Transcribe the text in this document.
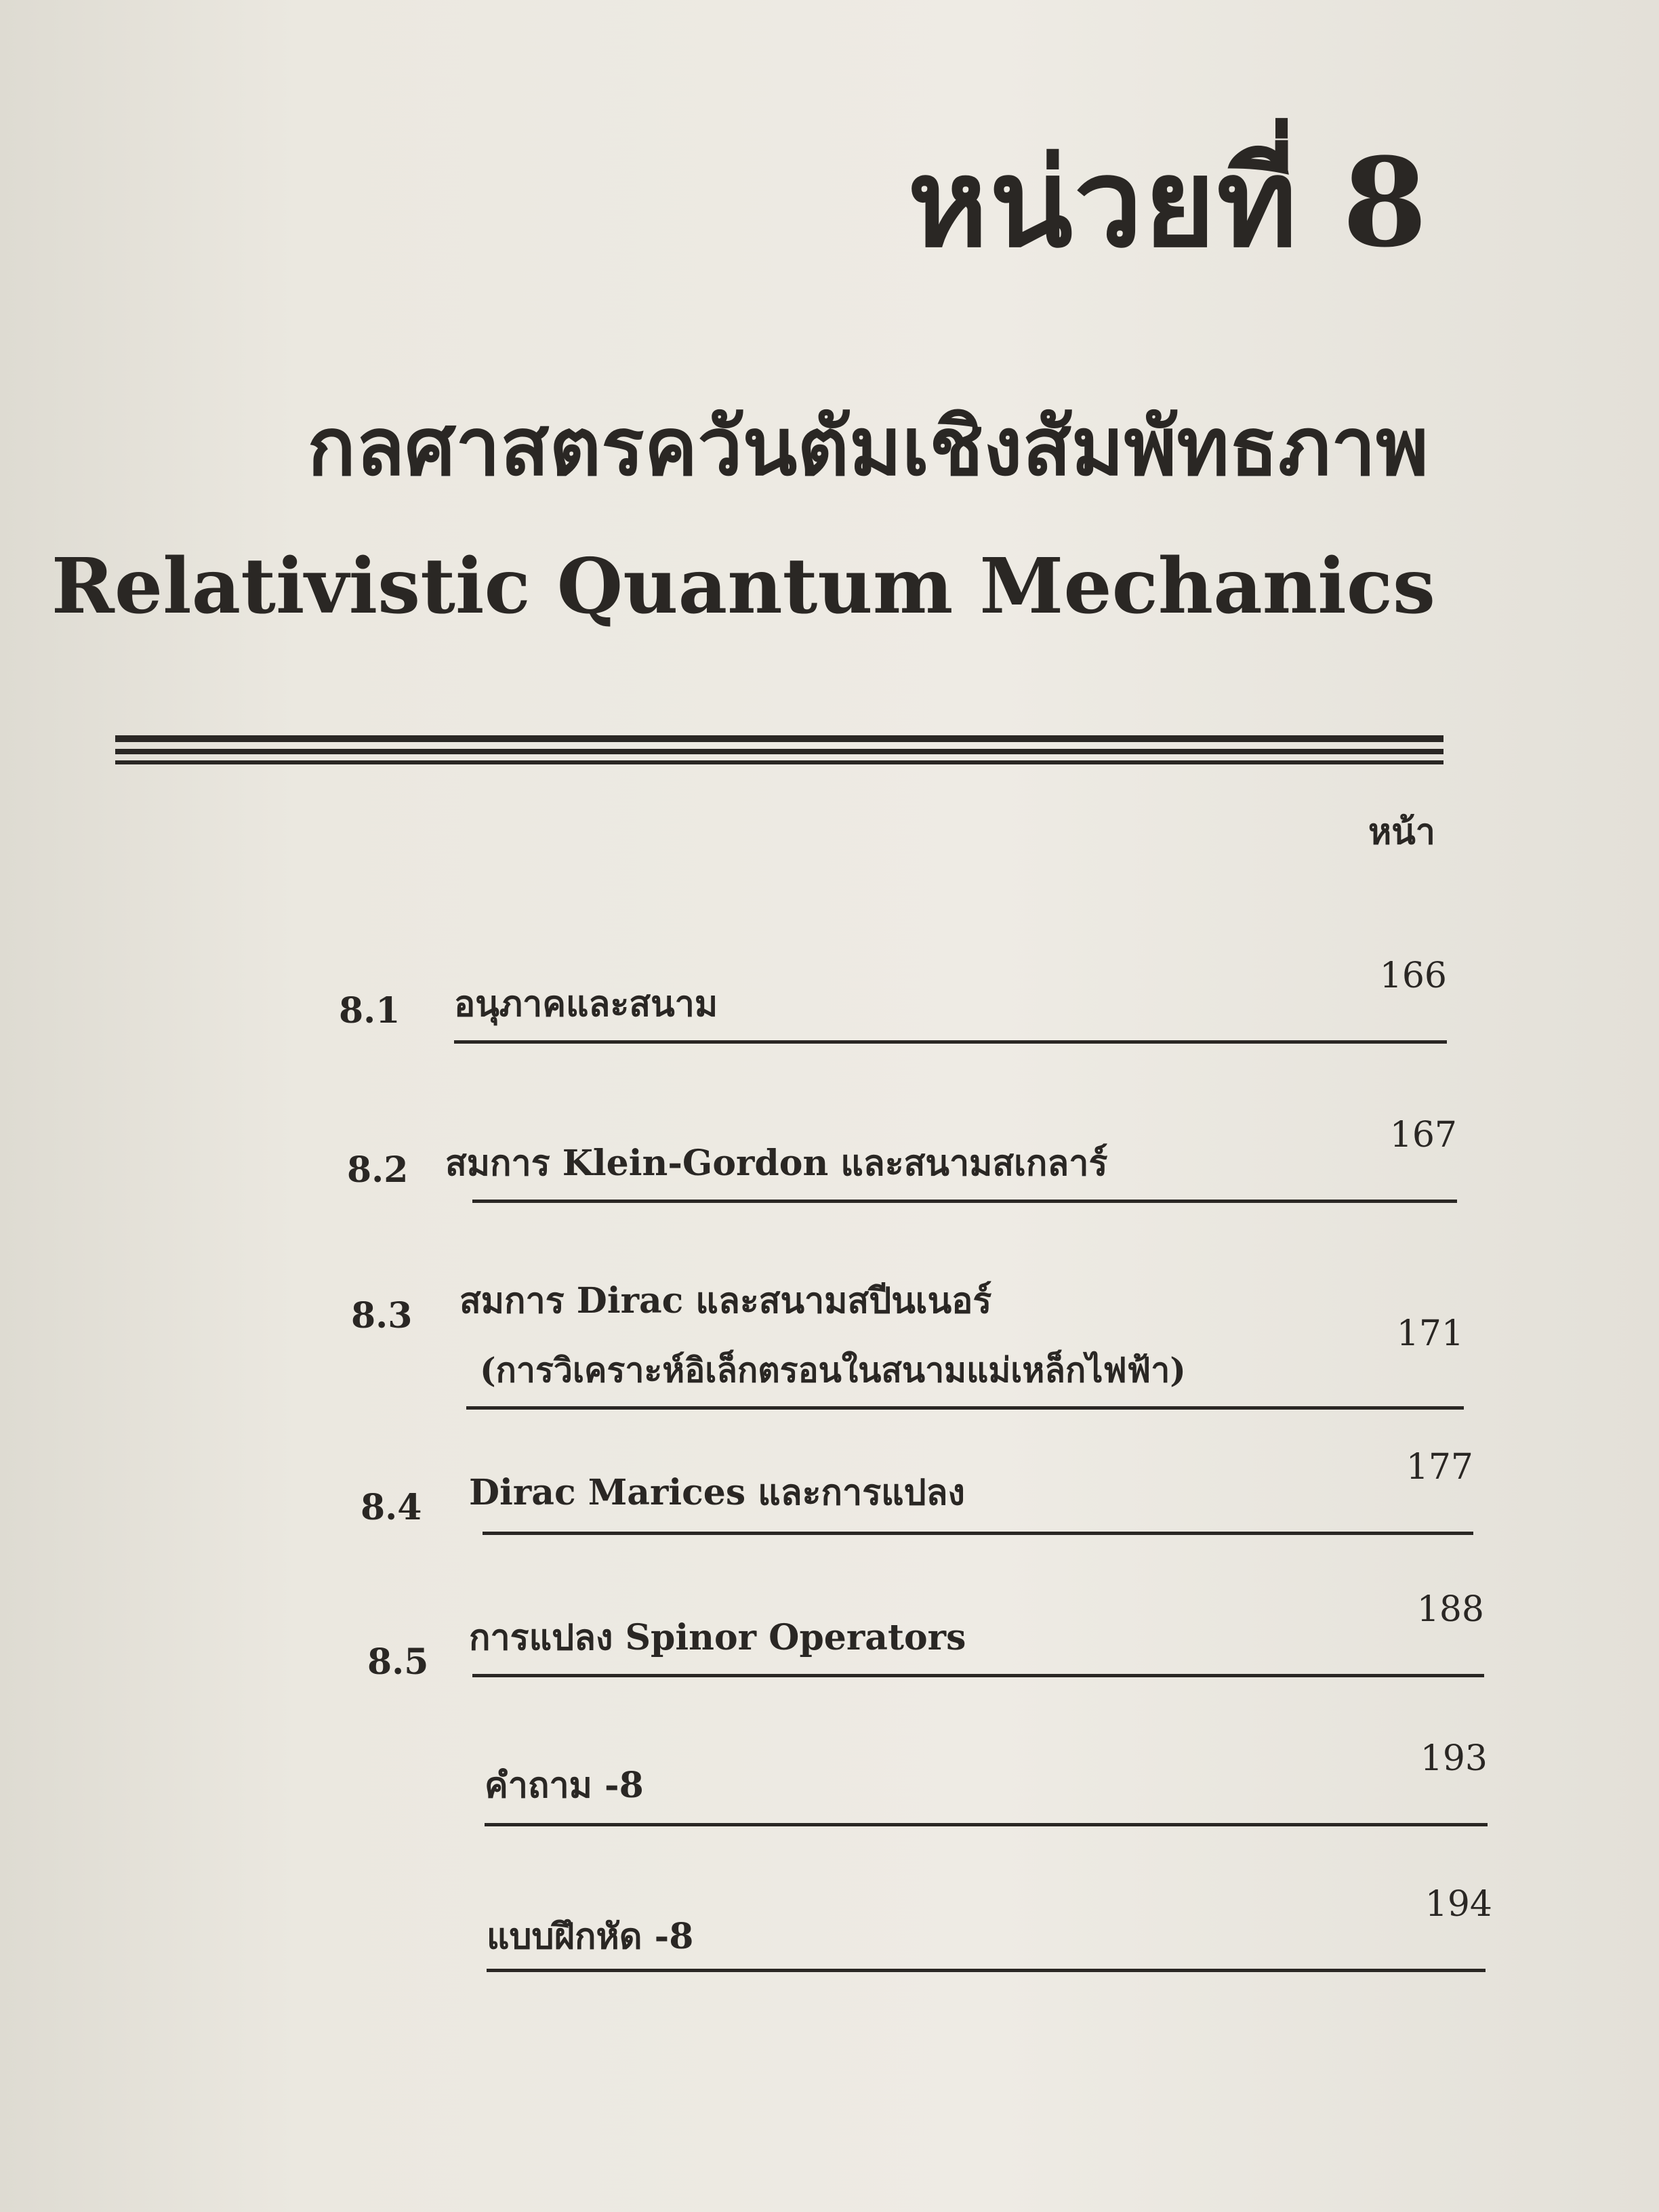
หน่วยที่ 8
กลศาสตรควันตัมเชิงสัมพัทธภาพ
Relativistic Quantum Mechanics
หน้า
8.1 อนุภาคและสนาม
166
8.2 สมการ Klein-Gordon และสนามสเกลาร์
167
8.3 สมการ Dirac และสนามสปีนเนอร์
(การวิเคราะห์อิเล็กตรอนในสนามแม่เหล็กไฟฟ้า)
171
8.4 Dirac Marices และการแปลง
177
8.5
การแปลง Spinor Operators
188
คำถาม -8
193
แบบฝึกหัด -8
194
